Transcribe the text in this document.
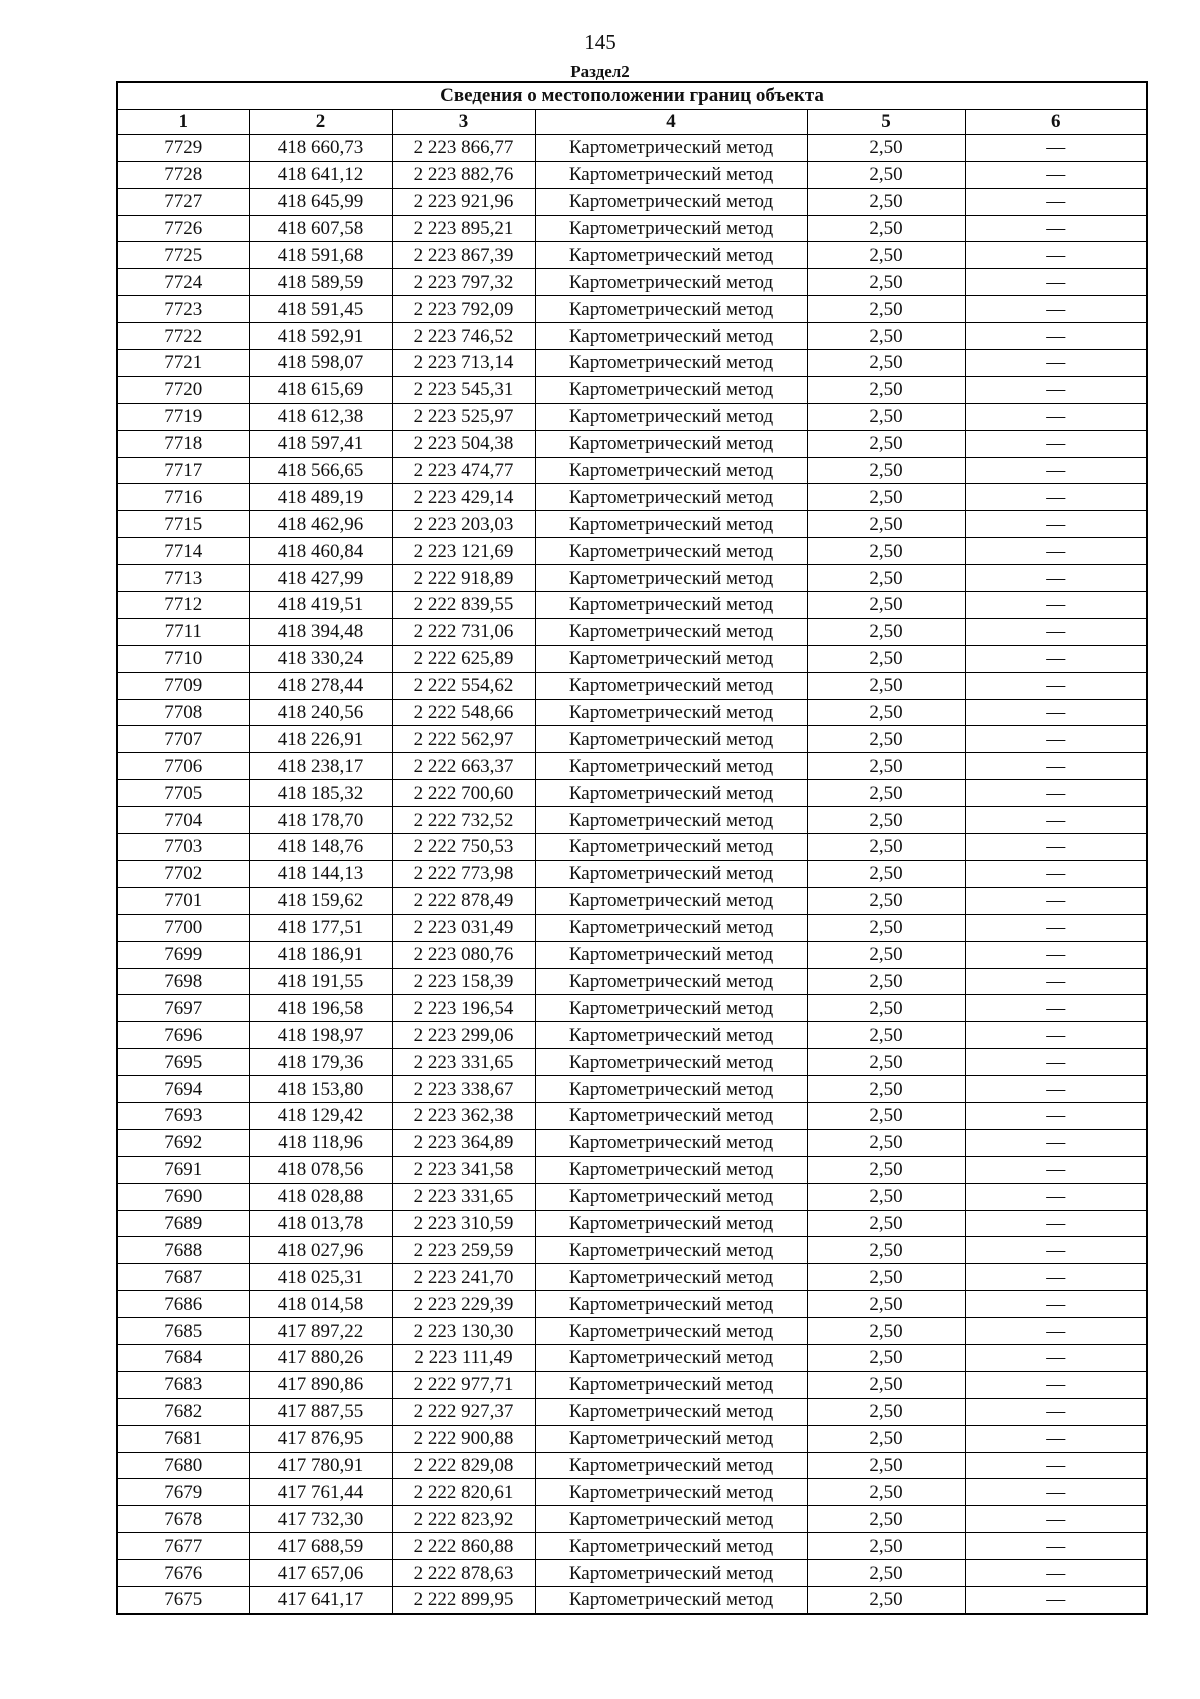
145
Раздел2
Сведения о местоположении границ объекта					
1	2	3	4	5	6
7729	418 660,73	2 223 866,77	Картометрический метод	2,50	—
7728	418 641,12	2 223 882,76	Картометрический метод	2,50	—
7727	418 645,99	2 223 921,96	Картометрический метод	2,50	—
7726	418 607,58	2 223 895,21	Картометрический метод	2,50	—
7725	418 591,68	2 223 867,39	Картометрический метод	2,50	—
7724	418 589,59	2 223 797,32	Картометрический метод	2,50	—
7723	418 591,45	2 223 792,09	Картометрический метод	2,50	—
7722	418 592,91	2 223 746,52	Картометрический метод	2,50	—
7721	418 598,07	2 223 713,14	Картометрический метод	2,50	—
7720	418 615,69	2 223 545,31	Картометрический метод	2,50	—
7719	418 612,38	2 223 525,97	Картометрический метод	2,50	—
7718	418 597,41	2 223 504,38	Картометрический метод	2,50	—
7717	418 566,65	2 223 474,77	Картометрический метод	2,50	—
7716	418 489,19	2 223 429,14	Картометрический метод	2,50	—
7715	418 462,96	2 223 203,03	Картометрический метод	2,50	—
7714	418 460,84	2 223 121,69	Картометрический метод	2,50	—
7713	418 427,99	2 222 918,89	Картометрический метод	2,50	—
7712	418 419,51	2 222 839,55	Картометрический метод	2,50	—
7711	418 394,48	2 222 731,06	Картометрический метод	2,50	—
7710	418 330,24	2 222 625,89	Картометрический метод	2,50	—
7709	418 278,44	2 222 554,62	Картометрический метод	2,50	—
7708	418 240,56	2 222 548,66	Картометрический метод	2,50	—
7707	418 226,91	2 222 562,97	Картометрический метод	2,50	—
7706	418 238,17	2 222 663,37	Картометрический метод	2,50	—
7705	418 185,32	2 222 700,60	Картометрический метод	2,50	—
7704	418 178,70	2 222 732,52	Картометрический метод	2,50	—
7703	418 148,76	2 222 750,53	Картометрический метод	2,50	—
7702	418 144,13	2 222 773,98	Картометрический метод	2,50	—
7701	418 159,62	2 222 878,49	Картометрический метод	2,50	—
7700	418 177,51	2 223 031,49	Картометрический метод	2,50	—
7699	418 186,91	2 223 080,76	Картометрический метод	2,50	—
7698	418 191,55	2 223 158,39	Картометрический метод	2,50	—
7697	418 196,58	2 223 196,54	Картометрический метод	2,50	—
7696	418 198,97	2 223 299,06	Картометрический метод	2,50	—
7695	418 179,36	2 223 331,65	Картометрический метод	2,50	—
7694	418 153,80	2 223 338,67	Картометрический метод	2,50	—
7693	418 129,42	2 223 362,38	Картометрический метод	2,50	—
7692	418 118,96	2 223 364,89	Картометрический метод	2,50	—
7691	418 078,56	2 223 341,58	Картометрический метод	2,50	—
7690	418 028,88	2 223 331,65	Картометрический метод	2,50	—
7689	418 013,78	2 223 310,59	Картометрический метод	2,50	—
7688	418 027,96	2 223 259,59	Картометрический метод	2,50	—
7687	418 025,31	2 223 241,70	Картометрический метод	2,50	—
7686	418 014,58	2 223 229,39	Картометрический метод	2,50	—
7685	417 897,22	2 223 130,30	Картометрический метод	2,50	—
7684	417 880,26	2 223 111,49	Картометрический метод	2,50	—
7683	417 890,86	2 222 977,71	Картометрический метод	2,50	—
7682	417 887,55	2 222 927,37	Картометрический метод	2,50	—
7681	417 876,95	2 222 900,88	Картометрический метод	2,50	—
7680	417 780,91	2 222 829,08	Картометрический метод	2,50	—
7679	417 761,44	2 222 820,61	Картометрический метод	2,50	—
7678	417 732,30	2 222 823,92	Картометрический метод	2,50	—
7677	417 688,59	2 222 860,88	Картометрический метод	2,50	—
7676	417 657,06	2 222 878,63	Картометрический метод	2,50	—
7675	417 641,17	2 222 899,95	Картометрический метод	2,50	—
